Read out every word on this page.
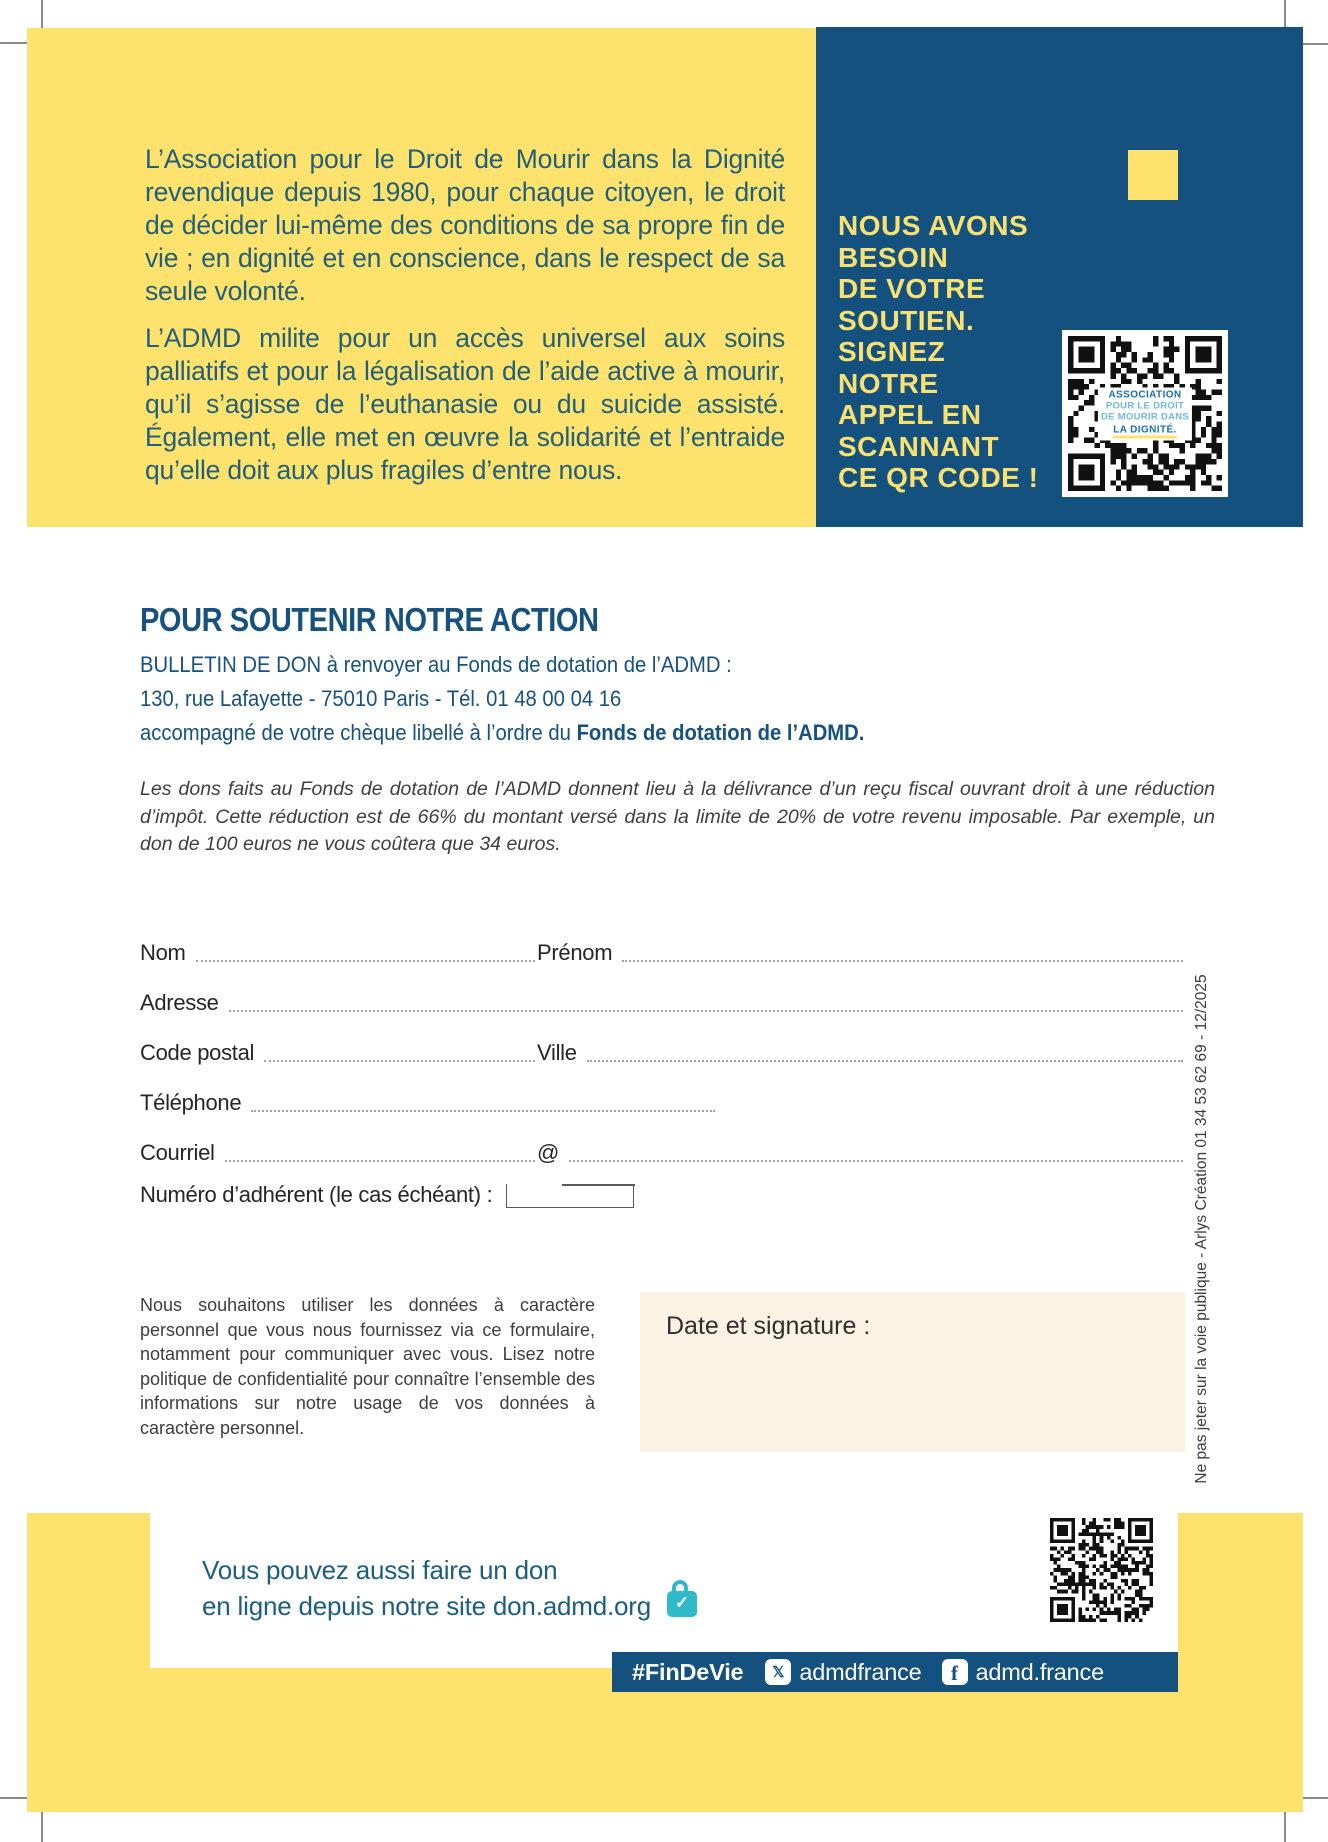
L’Association pour le Droit de Mourir dans la Dignité revendique depuis 1980, pour chaque citoyen, le droit de décider lui-même des conditions de sa propre fin de vie ; en dignité et en conscience, dans le respect de sa seule volonté.

L’ADMD milite pour un accès universel aux soins palliatifs et pour la légalisation de l’aide active à mourir, qu’il s’agisse de l’euthanasie ou du suicide assisté. Également, elle met en œuvre la solidarité et l’entraide qu’elle doit aux plus fragiles d’entre nous.

NOUS AVONS
BESOIN
DE VOTRE
SOUTIEN.
SIGNEZ
NOTRE
APPEL EN
SCANNANT
CE QR CODE !
ASSOCIATION
POUR LE DROIT
DE MOURIR DANS
LA DIGNITÉ.
POUR SOUTENIR NOTRE ACTION
BULLETIN DE DON à renvoyer au Fonds de dotation de l’ADMD :
130, rue Lafayette - 75010 Paris - Tél. 01 48 00 04 16
accompagné de votre chèque libellé à l’ordre du Fonds de dotation de l’ADMD.
Les dons faits au Fonds de dotation de l’ADMD donnent lieu à la délivrance d’un reçu fiscal ouvrant droit à une réduction d’impôt. Cette réduction est de 66% du montant versé dans la limite de 20% de votre revenu imposable. Par exemple, un don de 100 euros ne vous coûtera que 34 euros.
Nom	Prénom
Adresse
Code postal	Ville
Téléphone
Courriel	@
Numéro d’adhérent (le cas échéant) :
Nous souhaitons utiliser les données à caractère personnel que vous nous fournissez via ce formulaire, notamment pour communiquer avec vous. Lisez notre politique de confidentialité pour connaître l’ensemble des informations sur notre usage de vos données à caractère personnel.
Date et signature :	Ne pas jeter sur la voie publique - Arlys Création 01 34 53 62 69 - 12/2025
Vous pouvez aussi faire un don
en ligne depuis notre site don.admd.org
✓
#FinDeVie 𝕏 admdfrance f admd.france
